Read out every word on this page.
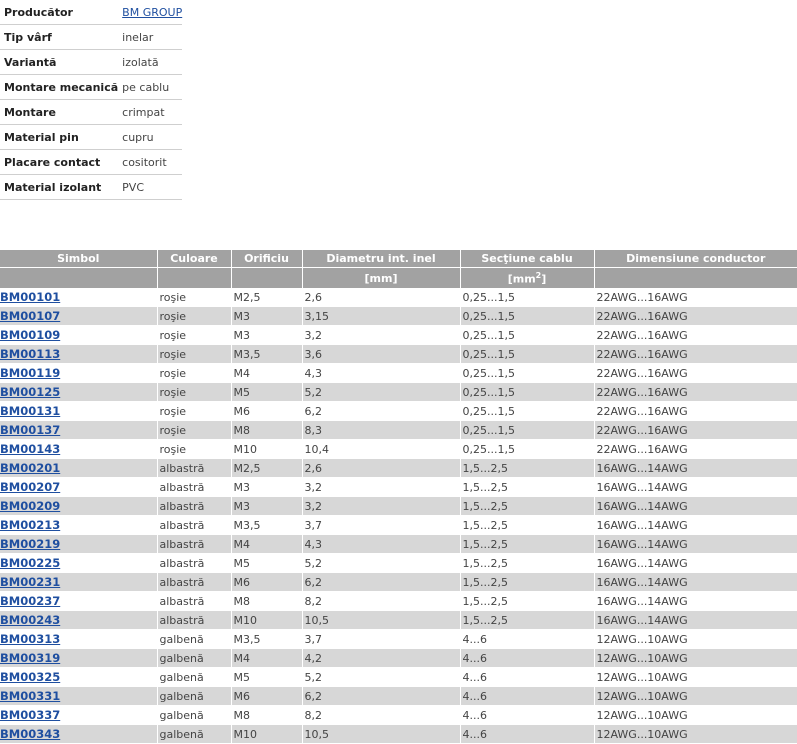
Producător	BM GROUP
Tip vârf	inelar
Variantă	izolată
Montare mecanică	pe cablu
Montare	crimpat
Material pin	cupru
Placare contact	cositorit
Material izolant	PVC
Simbol	Culoare	Orificiu	Diametru int. inel	Secţiune cablu	Dimensiune conductor
			[mm]	$[mm^2]$	
BM00101	roşie	M2,5	2,6	0,25...1,5	22AWG...16AWG
BM00107	roşie	M3	3,15	0,25...1,5	22AWG...16AWG
BM00109	roşie	M3	3,2	0,25...1,5	22AWG...16AWG
BM00113	roşie	M3,5	3,6	0,25...1,5	22AWG...16AWG
BM00119	roşie	M4	4,3	0,25...1,5	22AWG...16AWG
BM00125	roşie	M5	5,2	0,25...1,5	22AWG...16AWG
BM00131	roşie	M6	6,2	0,25...1,5	22AWG...16AWG
BM00137	roşie	M8	8,3	0,25...1,5	22AWG...16AWG
BM00143	roşie	M10	10,4	0,25...1,5	22AWG...16AWG
BM00201	albastră	M2,5	2,6	1,5...2,5	16AWG...14AWG
BM00207	albastră	M3	3,2	1,5...2,5	16AWG...14AWG
BM00209	albastră	M3	3,2	1,5...2,5	16AWG...14AWG
BM00213	albastră	M3,5	3,7	1,5...2,5	16AWG...14AWG
BM00219	albastră	M4	4,3	1,5...2,5	16AWG...14AWG
BM00225	albastră	M5	5,2	1,5...2,5	16AWG...14AWG
BM00231	albastră	M6	6,2	1,5...2,5	16AWG...14AWG
BM00237	albastră	M8	8,2	1,5...2,5	16AWG...14AWG
BM00243	albastră	M10	10,5	1,5...2,5	16AWG...14AWG
BM00313	galbenă	M3,5	3,7	4...6	12AWG...10AWG
BM00319	galbenă	M4	4,2	4...6	12AWG...10AWG
BM00325	galbenă	M5	5,2	4...6	12AWG...10AWG
BM00331	galbenă	M6	6,2	4...6	12AWG...10AWG
BM00337	galbenă	M8	8,2	4...6	12AWG...10AWG
BM00343	galbenă	M10	10,5	4...6	12AWG...10AWG
